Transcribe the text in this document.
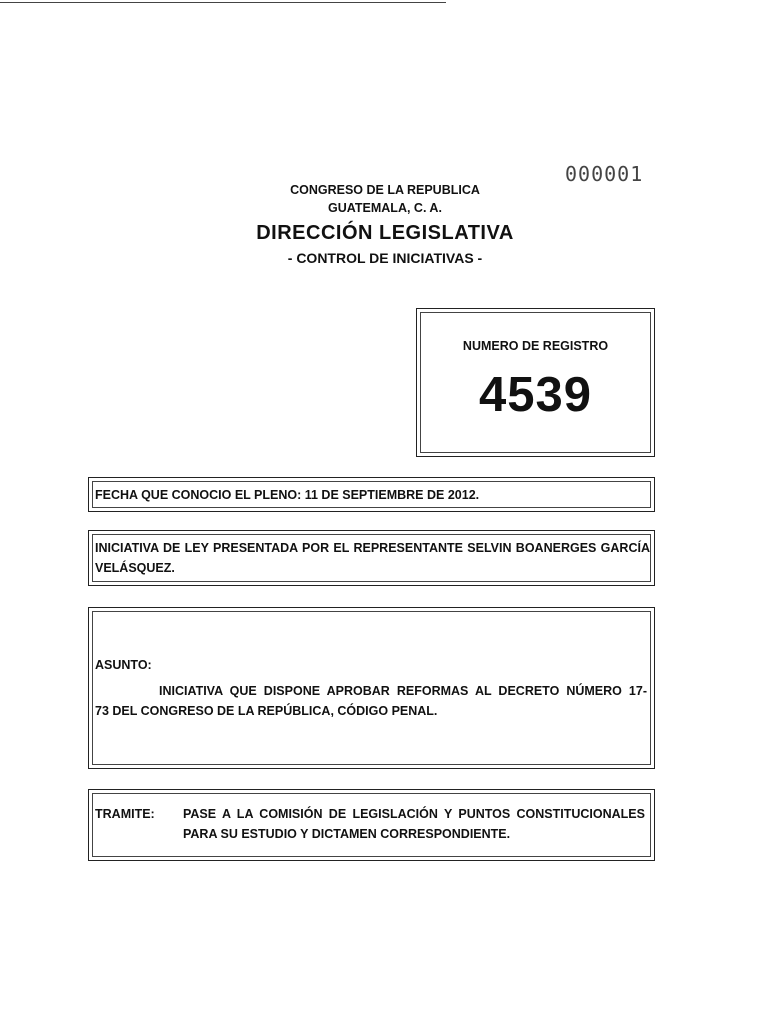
000001
CONGRESO DE LA REPUBLICA
GUATEMALA, C. A.
DIRECCIÓN LEGISLATIVA
- CONTROL DE INICIATIVAS -
NUMERO DE REGISTRO
4539
FECHA QUE CONOCIO EL PLENO: 11 DE SEPTIEMBRE DE 2012.
INICIATIVA DE LEY PRESENTADA POR EL REPRESENTANTE SELVIN BOANERGES GARCÍA
VELÁSQUEZ.
ASUNTO:
INICIATIVA QUE DISPONE APROBAR REFORMAS AL DECRETO NÚMERO 17-
73 DEL CONGRESO DE LA REPÚBLICA, CÓDIGO PENAL.
TRAMITE: PASE A LA COMISIÓN DE LEGISLACIÓN Y PUNTOS CONSTITUCIONALES
PARA SU ESTUDIO Y DICTAMEN CORRESPONDIENTE.
